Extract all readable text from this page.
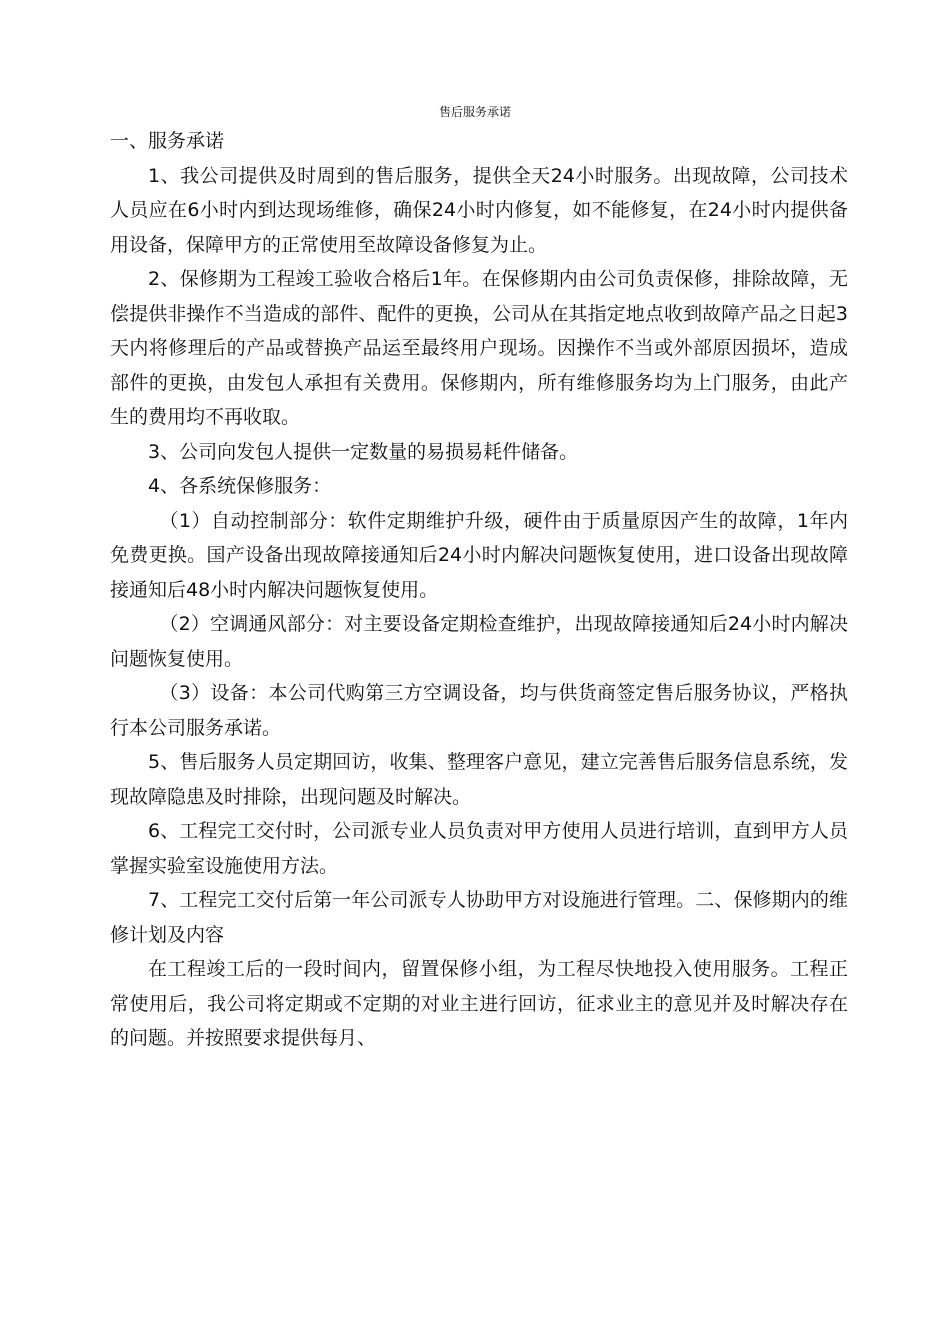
售后服务承诺

一、服务承诺

1、我公司提供及时周到的售后服务，提供全天24小时服务。出现故障，公司技术人员应在6小时内到达现场维修，确保24小时内修复，如不能修复，在24小时内提供备用设备，保障甲方的正常使用至故障设备修复为止。

2、保修期为工程竣工验收合格后1年。在保修期内由公司负责保修，排除故障，无偿提供非操作不当造成的部件、配件的更换，公司从在其指定地点收到故障产品之日起3天内将修理后的产品或替换产品运至最终用户现场。因操作不当或外部原因损坏，造成部件的更换，由发包人承担有关费用。保修期内，所有维修服务均为上门服务，由此产生的费用均不再收取。

3、公司向发包人提供一定数量的易损易耗件储备。

4、各系统保修服务：

（1）自动控制部分：软件定期维护升级，硬件由于质量原因产生的故障，1年内免费更换。国产设备出现故障接通知后24小时内解决问题恢复使用，进口设备出现故障接通知后48小时内解决问题恢复使用。

（2）空调通风部分：对主要设备定期检查维护，出现故障接通知后24小时内解决问题恢复使用。

（3）设备：本公司代购第三方空调设备，均与供货商签定售后服务协议，严格执行本公司服务承诺。

5、售后服务人员定期回访，收集、整理客户意见，建立完善售后服务信息系统，发现故障隐患及时排除，出现问题及时解决。

6、工程完工交付时，公司派专业人员负责对甲方使用人员进行培训，直到甲方人员掌握实验室设施使用方法。

7、工程完工交付后第一年公司派专人协助甲方对设施进行管理。二、保修期内的维修计划及内容

在工程竣工后的一段时间内，留置保修小组，为工程尽快地投入使用服务。工程正常使用后，我公司将定期或不定期的对业主进行回访，征求业主的意见并及时解决存在的问题。并按照要求提供每月、
